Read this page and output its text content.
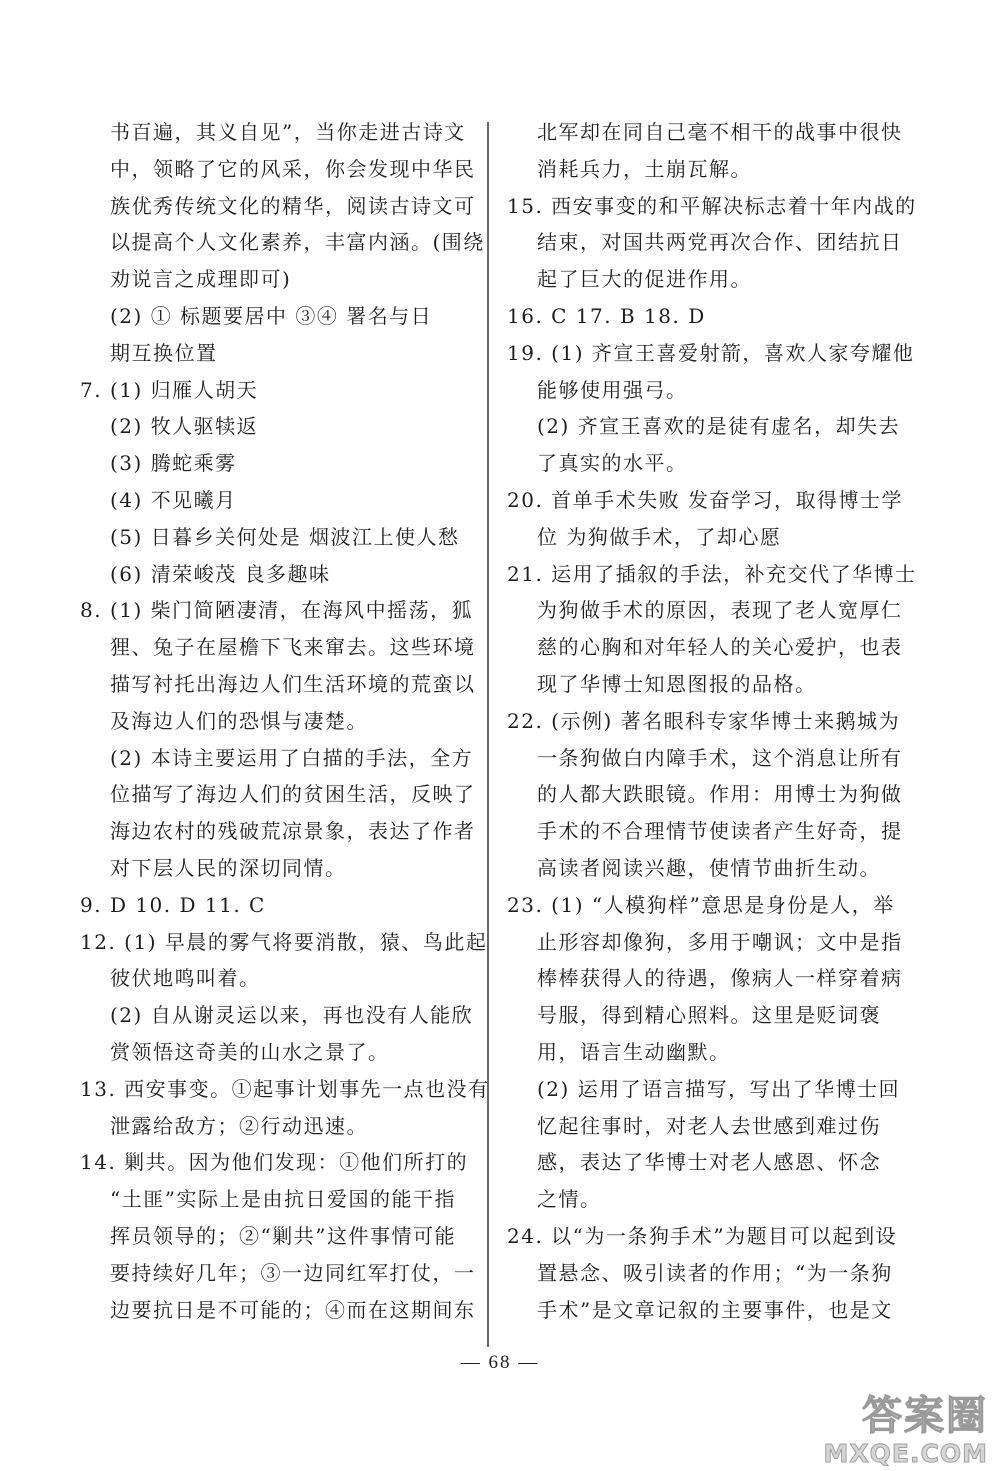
书百遍，其义自见”，当你走进古诗文
中，领略了它的风采，你会发现中华民
族优秀传统文化的精华，阅读古诗文可
以提高个人文化素养，丰富内涵。(围绕
劝说言之成理即可)
(2) ① 标题要居中 ③④ 署名与日
期互换位置
7. (1) 归雁人胡天
(2) 牧人驱犊返
(3) 腾蛇乘雾
(4) 不见曦月
(5) 日暮乡关何处是 烟波江上使人愁
(6) 清荣峻茂 良多趣味
8. (1) 柴门简陋凄清，在海风中摇荡，狐
狸、兔子在屋檐下飞来窜去。这些环境
描写衬托出海边人们生活环境的荒蛮以
及海边人们的恐惧与凄楚。
(2) 本诗主要运用了白描的手法，全方
位描写了海边人们的贫困生活，反映了
海边农村的残破荒凉景象，表达了作者
对下层人民的深切同情。
9. D 10. D 11. C
12. (1) 早晨的雾气将要消散，猿、鸟此起
彼伏地鸣叫着。
(2) 自从谢灵运以来，再也没有人能欣
赏领悟这奇美的山水之景了。
13. 西安事变。①起事计划事先一点也没有
泄露给敌方；②行动迅速。
14. 剿共。因为他们发现：①他们所打的
“土匪”实际上是由抗日爱国的能干指
挥员领导的；②“剿共”这件事情可能
要持续好几年；③一边同红军打仗，一
边要抗日是不可能的；④而在这期间东
北军却在同自己毫不相干的战事中很快
消耗兵力，土崩瓦解。
15. 西安事变的和平解决标志着十年内战的
结束，对国共两党再次合作、团结抗日
起了巨大的促进作用。
16. C 17. B 18. D
19. (1) 齐宣王喜爱射箭，喜欢人家夸耀他
能够使用强弓。
(2) 齐宣王喜欢的是徒有虚名，却失去
了真实的水平。
20. 首单手术失败 发奋学习，取得博士学
位 为狗做手术，了却心愿
21. 运用了插叙的手法，补充交代了华博士
为狗做手术的原因，表现了老人宽厚仁
慈的心胸和对年轻人的关心爱护，也表
现了华博士知恩图报的品格。
22. (示例) 著名眼科专家华博士来鹅城为
一条狗做白内障手术，这个消息让所有
的人都大跌眼镜。作用：用博士为狗做
手术的不合理情节使读者产生好奇，提
高读者阅读兴趣，使情节曲折生动。
23. (1) “人模狗样”意思是身份是人，举
止形容却像狗，多用于嘲讽；文中是指
棒棒获得人的待遇，像病人一样穿着病
号服，得到精心照料。这里是贬词褒
用，语言生动幽默。
(2) 运用了语言描写，写出了华博士回
忆起往事时，对老人去世感到难过伤
感，表达了华博士对老人感恩、怀念
之情。
24. 以“为一条狗手术”为题目可以起到设
置悬念、吸引读者的作用；“为一条狗
手术”是文章记叙的主要事件，也是文
— 68 —
答案圈
MXQE.COM
